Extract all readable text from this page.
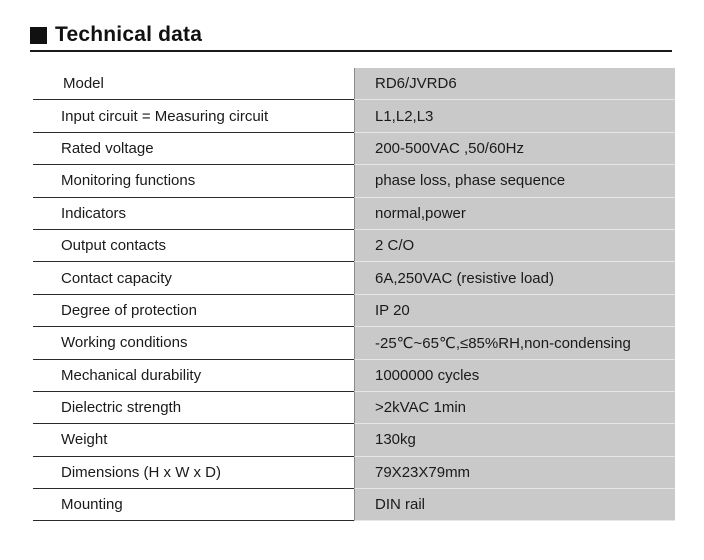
Technical data
Model	RD6/JVRD6
Input circuit = Measuring circuit	L1,L2,L3
Rated voltage	200-500VAC ,50/60Hz
Monitoring functions	phase loss, phase sequence
Indicators	normal,power
Output contacts	2 C/O
Contact capacity	6A,250VAC (resistive load)
Degree of protection	IP 20
Working conditions	-25℃~65℃,≤85%RH,non-condensing
Mechanical durability	1000000 cycles
Dielectric strength	>2kVAC 1min
Weight	130kg
Dimensions (H x W x D)	79X23X79mm
Mounting	DIN rail
